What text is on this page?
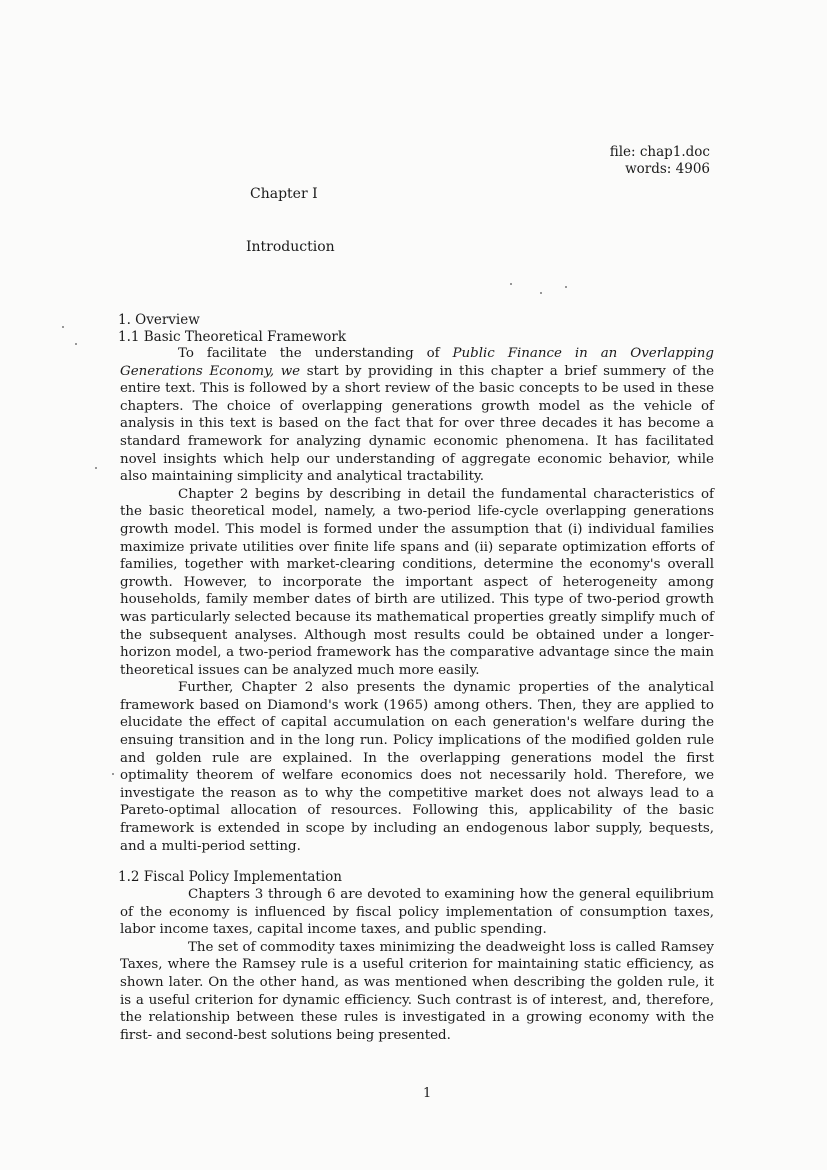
file: chap1.doc
words: 4906
Chapter I
Introduction
1. Overview
1.1 Basic Theoretical Framework

To facilitate the understanding of Public Finance in an Overlapping Generations Economy, we start by providing in this chapter a brief summery of the entire text. This is followed by a short review of the basic concepts to be used in these chapters. The choice of overlapping generations growth model as the vehicle of analysis in this text is based on the fact that for over three decades it has become a standard framework for analyzing dynamic economic phenomena. It has facilitated novel insights which help our understanding of aggregate economic behavior, while also maintaining simplicity and analytical tractability.

Chapter 2 begins by describing in detail the fundamental characteristics of the basic theoretical model, namely, a two-period life-cycle overlapping generations growth model. This model is formed under the assumption that (i) individual families maximize private utilities over finite life spans and (ii) separate optimization efforts of families, together with market-clearing conditions, determine the economy's overall growth. However, to incorporate the important aspect of heterogeneity among households, family member dates of birth are utilized. This type of two-period growth was particularly selected because its mathematical properties greatly simplify much of the subsequent analyses. Although most results could be obtained under a longer-horizon model, a two-period framework has the comparative advantage since the main theoretical issues can be analyzed much more easily.

Further, Chapter 2 also presents the dynamic properties of the analytical framework based on Diamond's work (1965) among others. Then, they are applied to elucidate the effect of capital accumulation on each generation's welfare during the ensuing transition and in the long run. Policy implications of the modified golden rule and golden rule are explained. In the overlapping generations model the first optimality theorem of welfare economics does not necessarily hold. Therefore, we investigate the reason as to why the competitive market does not always lead to a Pareto-optimal allocation of resources. Following this, applicability of the basic framework is extended in scope by including an endogenous labor supply, bequests, and a multi-period setting.

1.2 Fiscal Policy Implementation

Chapters 3 through 6 are devoted to examining how the general equilibrium of the economy is influenced by fiscal policy implementation of consumption taxes, labor income taxes, capital income taxes, and public spending.

The set of commodity taxes minimizing the deadweight loss is called Ramsey Taxes, where the Ramsey rule is a useful criterion for maintaining static efficiency, as shown later. On the other hand, as was mentioned when describing the golden rule, it is a useful criterion for dynamic efficiency. Such contrast is of interest, and, therefore, the relationship between these rules is investigated in a growing economy with the first- and second-best solutions being presented.

1
